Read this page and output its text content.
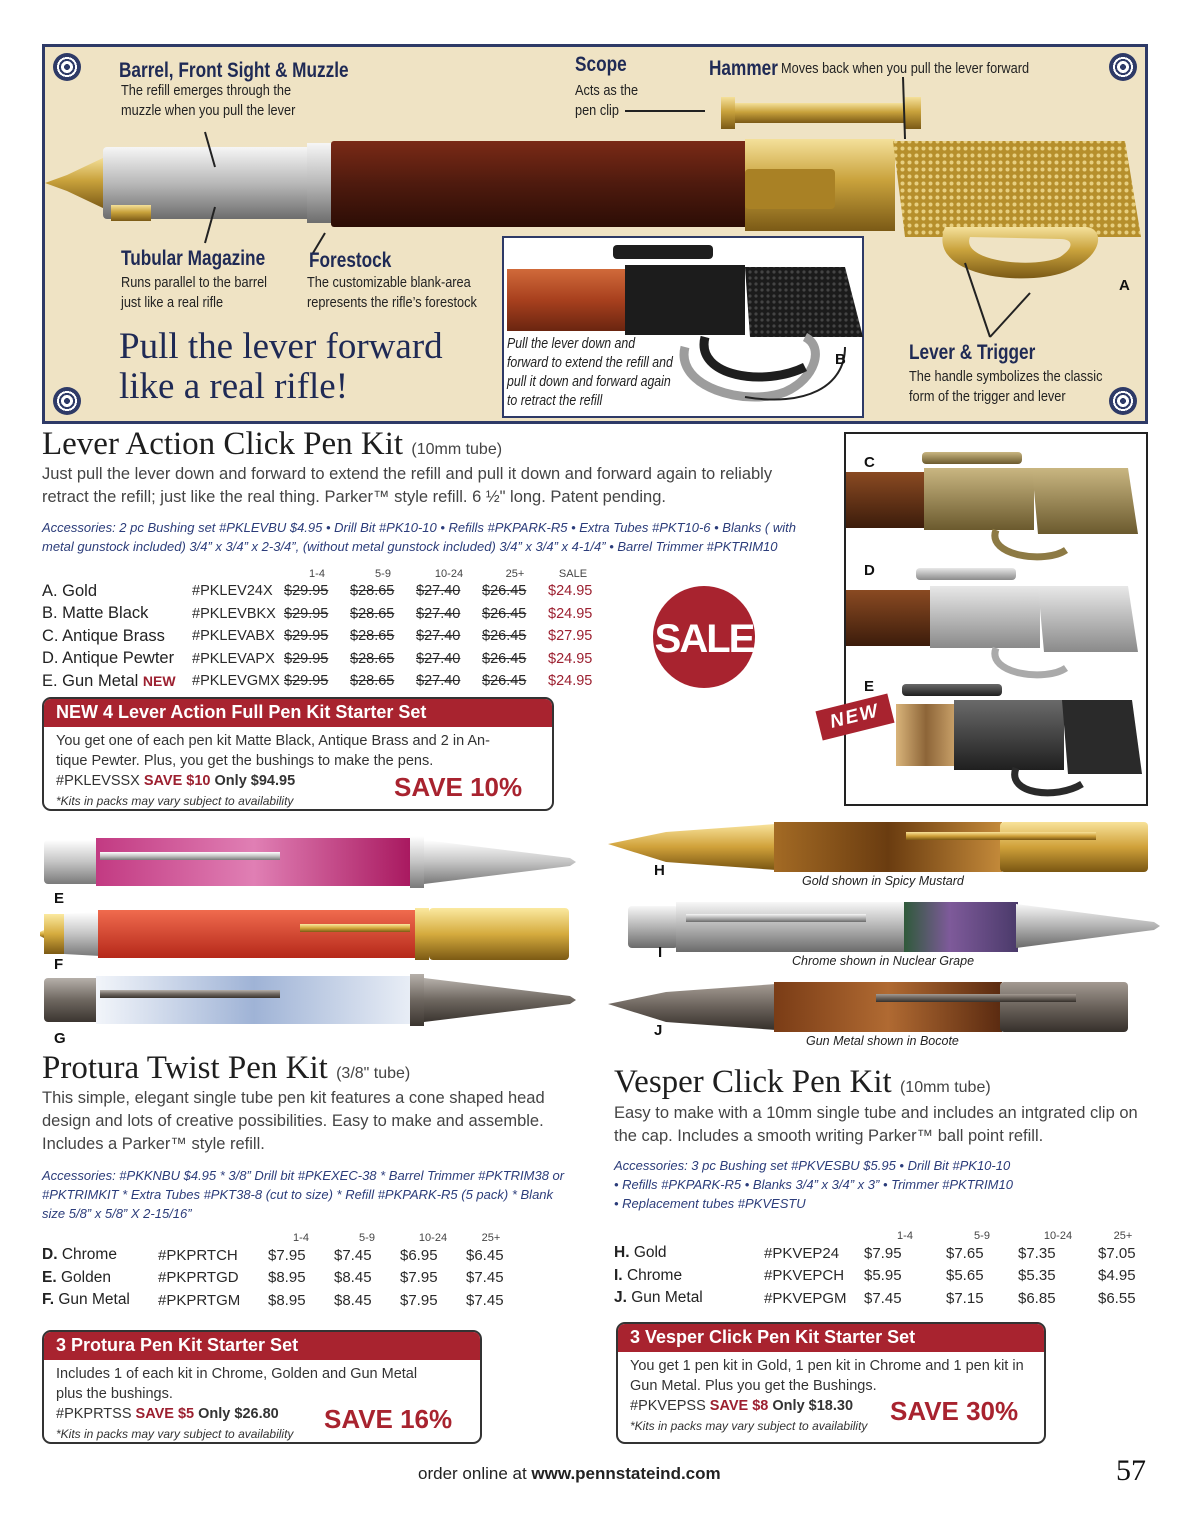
Barrel, Front Sight & Muzzle
The refill emerges through the
muzzle when you pull the lever
Scope
Acts as the
pen clip
Hammer Moves back when you pull the lever forward
Tubular Magazine
Runs parallel to the barrel
just like a real rifle
Forestock
The customizable blank-area
represents the rifle’s forestock
Pull the lever forward
like a real rifle!
Pull the lever down and
forward to extend the refill and
pull it down and forward again
to retract the refill
B
A
Lever & Trigger
The handle symbolizes the classic
form of the trigger and lever
Lever Action Click Pen Kit (10mm tube)
Just pull the lever down and forward to extend the refill and pull it down and forward again to reliably retract the refill; just like the real thing. Parker™ style refill. 6 ½" long. Patent pending.
Accessories: 2 pc Bushing set #PKLEVBU $4.95 • Drill Bit #PK10-10 • Refills #PKPARK-R5 • Extra Tubes #PKT10-6 • Blanks ( with metal gunstock included) 3/4” x 3/4” x 2-3/4”, (without metal gunstock included) 3/4” x 3/4” x 4-1/4” • Barrel Trimmer #PKTRIM10
		1-4	5-9	10-24	25+	SALE
A. Gold	#PKLEV24X	$29.95	$28.65	$27.40	$26.45	$24.95
B. Matte Black	#PKLEVBKX	$29.95	$28.65	$27.40	$26.45	$24.95
C. Antique Brass	#PKLEVABX	$29.95	$28.65	$27.40	$26.45	$27.95
D. Antique Pewter	#PKLEVAPX	$29.95	$28.65	$27.40	$26.45	$24.95
E. Gun Metal NEW	#PKLEVGMX	$29.95	$28.65	$27.40	$26.45	$24.95
SALE
C
D
E
NEW
NEW 4 Lever Action Full Pen Kit Starter Set
You get one of each pen kit Matte Black, Antique Brass and 2 in An-
tique Pewter. Plus, you get the bushings to make the pens.
#PKLEVSSX SAVE $10 Only $94.95
*Kits in packs may vary subject to availability	SAVE 10%
E
F
G
Protura Twist Pen Kit (3/8" tube)
This simple, elegant single tube pen kit features a cone shaped head design and lots of creative possibilities. Easy to make and assemble. Includes a Parker™ style refill.
Accessories: #PKKNBU $4.95 * 3/8” Drill bit #PKEXEC-38 * Barrel Trimmer #PKTRIM38 or #PKTRIMKIT * Extra Tubes #PKT38-8 (cut to size) * Refill #PKPARK-R5 (5 pack) * Blank size 5/8” x 5/8” X 2-15/16”
		1-4	5-9	10-24	25+
D. Chrome	#PKPRTCH	$7.95	$7.45	$6.95	$6.45
E. Golden	#PKPRTGD	$8.95	$8.45	$7.95	$7.45
F. Gun Metal	#PKPRTGM	$8.95	$8.45	$7.95	$7.45
3 Protura Pen Kit Starter Set
Includes 1 of each kit in Chrome, Golden and Gun Metal
plus the bushings.
#PKPRTSS SAVE $5 Only $26.80
*Kits in packs may vary subject to availability	SAVE 16%
H
I
J
Gold shown in Spicy Mustard
Chrome shown in Nuclear Grape
Gun Metal shown in Bocote
Vesper Click Pen Kit (10mm tube)
Easy to make with a 10mm single tube and includes an intgrated clip on the cap. Includes a smooth writing Parker™ ball point refill.
Accessories: 3 pc Bushing set #PKVESBU $5.95 • Drill Bit #PK10-10
• Refills #PKPARK-R5 • Blanks 3/4” x 3/4” x 3” • Trimmer #PKTRIM10
• Replacement tubes #PKVESTU
		1-4	5-9	10-24	25+
H. Gold	#PKVEP24	$7.95	$7.65	$7.35	$7.05
I. Chrome	#PKVEPCH	$5.95	$5.65	$5.35	$4.95
J. Gun Metal	#PKVEPGM	$7.45	$7.15	$6.85	$6.55
3 Vesper Click Pen Kit Starter Set
You get 1 pen kit in Gold, 1 pen kit in Chrome and 1 pen kit in
Gun Metal. Plus you get the Bushings.
#PKVEPSS SAVE $8 Only $18.30
*Kits in packs may vary subject to availability SAVE 30%
order online at www.pennstateind.com	57
